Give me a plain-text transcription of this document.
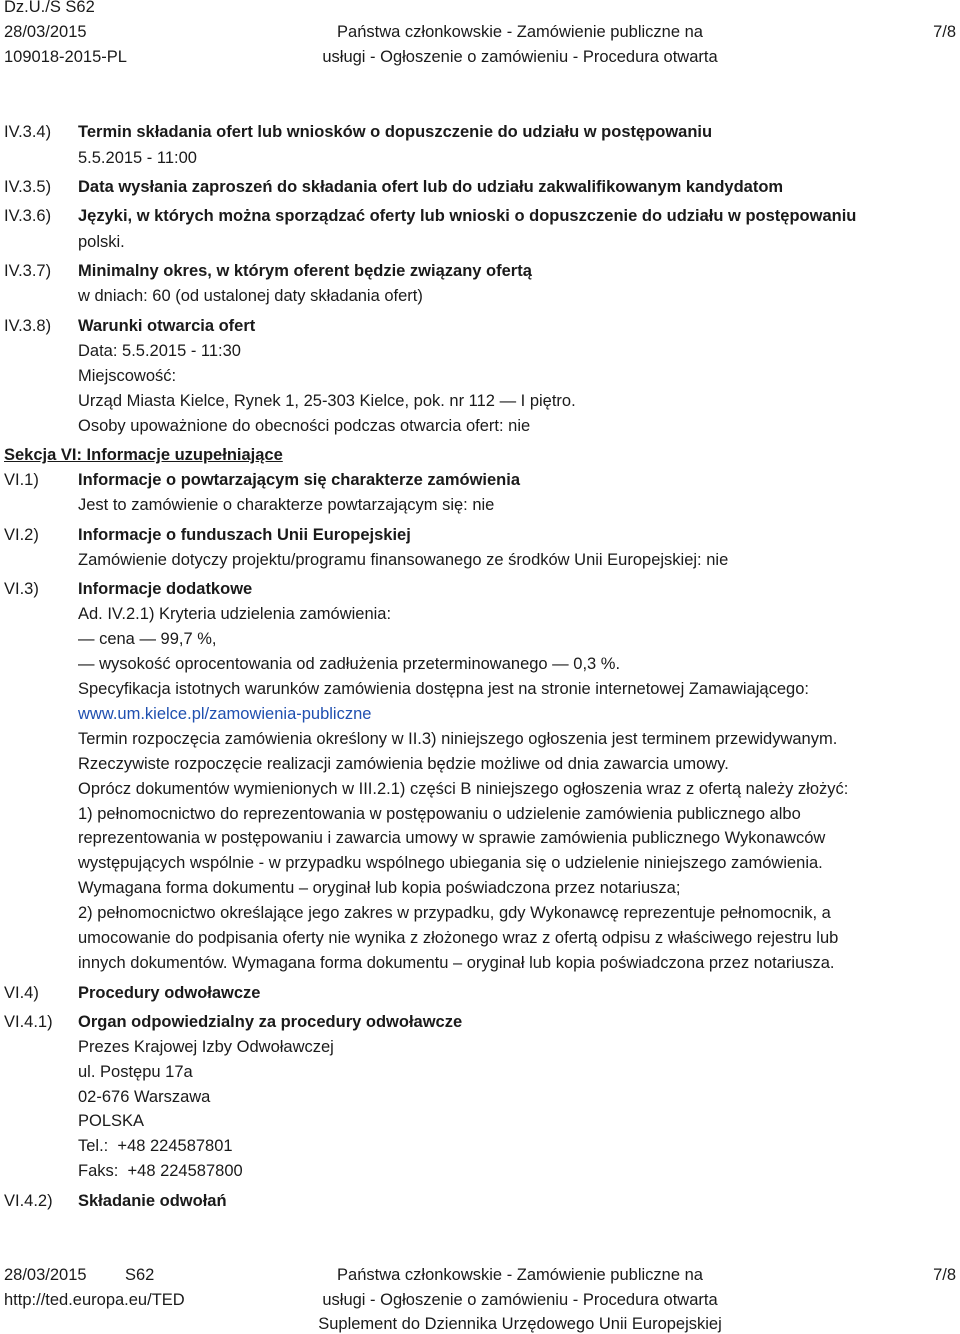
Dz.U./S S62
28/03/2015
109018-2015-PL
Państwa członkowskie - Zamówienie publiczne na
usługi - Ogłoszenie o zamówieniu - Procedura otwarta
7/8
IV.3.4) Termin składania ofert lub wniosków o dopuszczenie do udziału w postępowaniu
5.5.2015 - 11:00
IV.3.5) Data wysłania zaproszeń do składania ofert lub do udziału zakwalifikowanym kandydatom
IV.3.6) Języki, w których można sporządzać oferty lub wnioski o dopuszczenie do udziału w postępowaniu
polski.
IV.3.7) Minimalny okres, w którym oferent będzie związany ofertą
w dniach: 60 (od ustalonej daty składania ofert)
IV.3.8) Warunki otwarcia ofert
Data: 5.5.2015 - 11:30
Miejscowość:
Urząd Miasta Kielce, Rynek 1, 25-303 Kielce, pok. nr 112 — I piętro.
Osoby upoważnione do obecności podczas otwarcia ofert: nie
Sekcja VI: Informacje uzupełniające
VI.1) Informacje o powtarzającym się charakterze zamówienia
Jest to zamówienie o charakterze powtarzającym się: nie
VI.2) Informacje o funduszach Unii Europejskiej
Zamówienie dotyczy projektu/programu finansowanego ze środków Unii Europejskiej: nie
VI.3) Informacje dodatkowe
Ad. IV.2.1) Kryteria udzielenia zamówienia:
— cena — 99,7 %,
— wysokość oprocentowania od zadłużenia przeterminowanego — 0,3 %.
Specyfikacja istotnych warunków zamówienia dostępna jest na stronie internetowej Zamawiającego:
www.um.kielce.pl/zamowienia-publiczne
Termin rozpoczęcia zamówienia określony w II.3) niniejszego ogłoszenia jest terminem przewidywanym.
Rzeczywiste rozpoczęcie realizacji zamówienia będzie możliwe od dnia zawarcia umowy.
Oprócz dokumentów wymienionych w III.2.1) części B niniejszego ogłoszenia wraz z ofertą należy złożyć:
1) pełnomocnictwo do reprezentowania w postępowaniu o udzielenie zamówienia publicznego albo
reprezentowania w postępowaniu i zawarcia umowy w sprawie zamówienia publicznego Wykonawców
występujących wspólnie - w przypadku wspólnego ubiegania się o udzielenie niniejszego zamówienia.
Wymagana forma dokumentu – oryginał lub kopia poświadczona przez notariusza;
2) pełnomocnictwo określające jego zakres w przypadku, gdy Wykonawcę reprezentuje pełnomocnik, a
umocowanie do podpisania oferty nie wynika z złożonego wraz z ofertą odpisu z właściwego rejestru lub
innych dokumentów. Wymagana forma dokumentu – oryginał lub kopia poświadczona przez notariusza.
VI.4) Procedury odwoławcze
VI.4.1) Organ odpowiedzialny za procedury odwoławcze
Prezes Krajowej Izby Odwoławczej
ul. Postępu 17a
02-676 Warszawa
POLSKA
Tel.:  +48 224587801
Faks:  +48 224587800
VI.4.2) Składanie odwołań
28/03/2015 S62
http://ted.europa.eu/TED
Państwa członkowskie - Zamówienie publiczne na
usługi - Ogłoszenie o zamówieniu - Procedura otwarta
Suplement do Dziennika Urzędowego Unii Europejskiej
7/8
